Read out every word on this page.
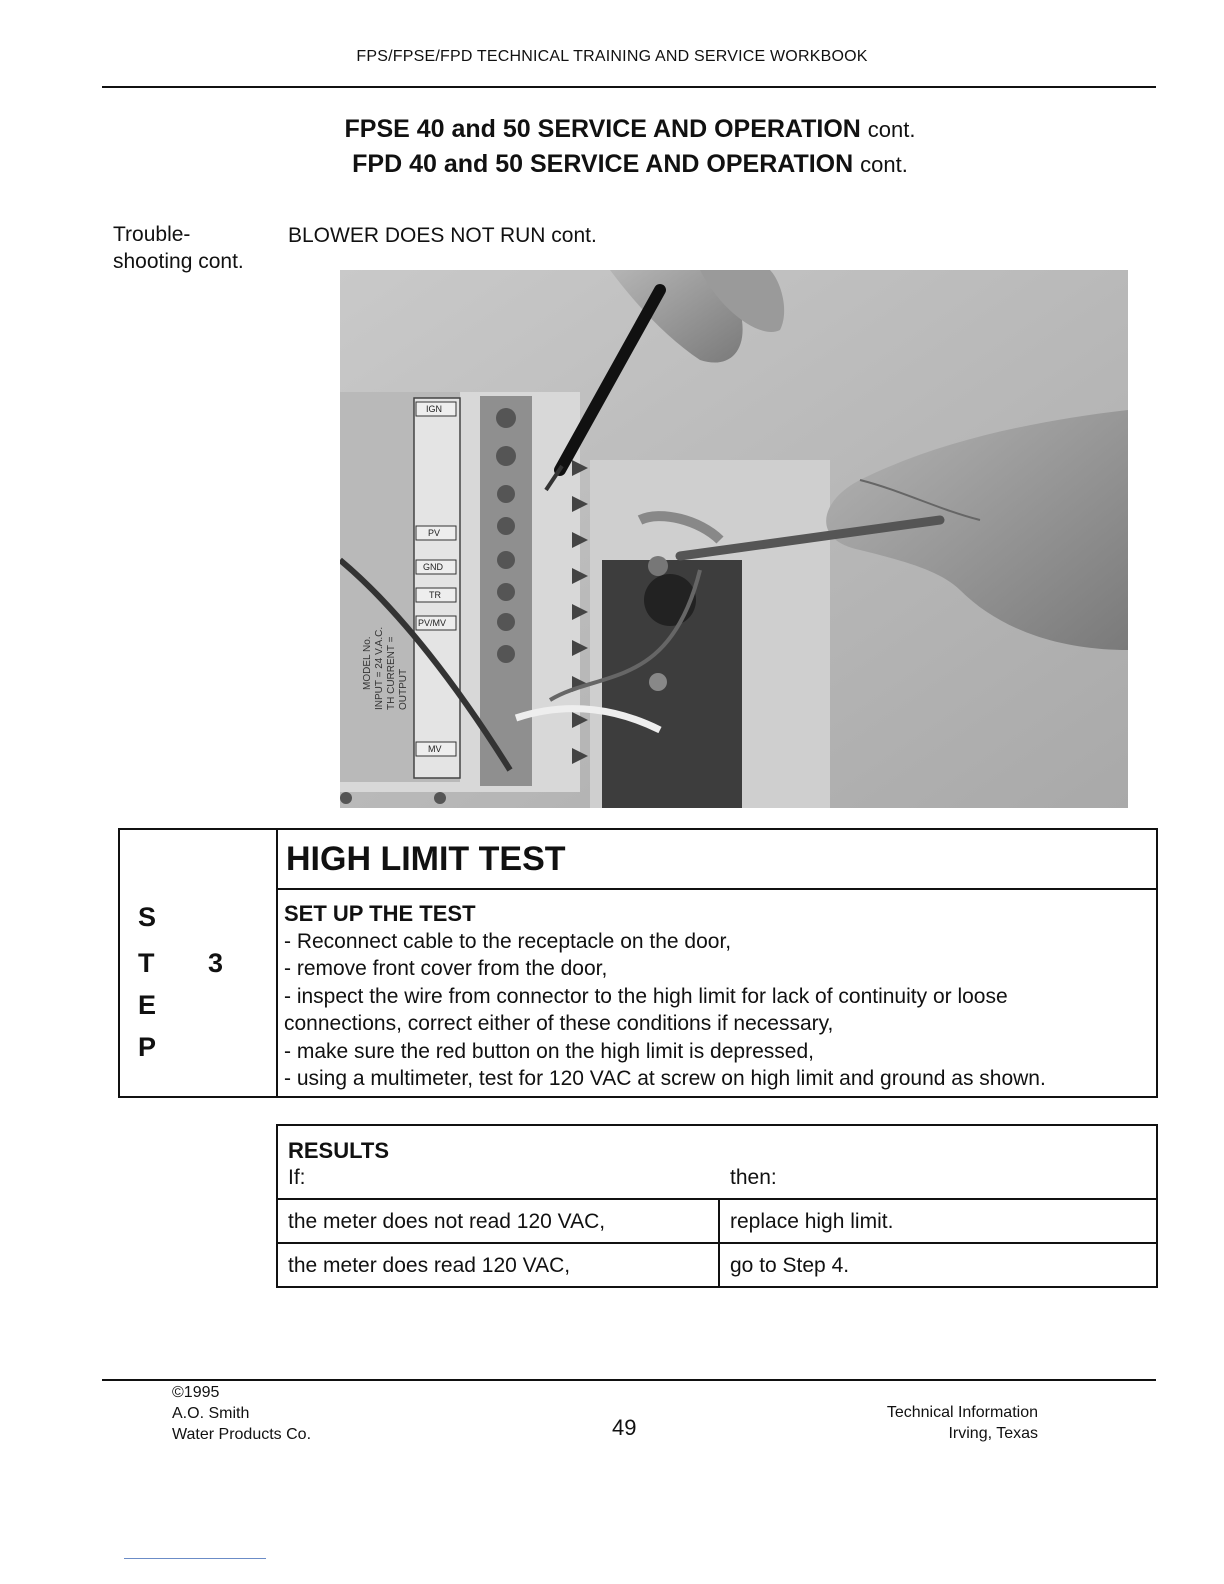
FPS/FPSE/FPD TECHNICAL TRAINING AND SERVICE WORKBOOK
FPSE 40 and 50 SERVICE AND OPERATION cont.
FPD 40 and 50 SERVICE AND OPERATION cont.
Trouble-
shooting cont.
BLOWER DOES NOT RUN cont.
IGN
PV
GND
TR
PV/MV
MV
MODEL No. INPUT = 24 V.A.C. TH CURRENT = OUTPUT
S
T
E
P
3
HIGH LIMIT TEST
SET UP THE TEST
- Reconnect cable to the receptacle on the door,
- remove front cover from the door,
- inspect the wire from connector to the high limit for lack of continuity or loose
connections, correct either of these conditions if necessary,
- make sure the red button on the high limit is depressed,
- using a multimeter, test for 120 VAC at screw on high limit and ground as shown.
RESULTS
If:	then:
the meter does not read 120 VAC,	replace high limit.
the meter does read 120 VAC,	go to Step 4.
©1995
A.O. Smith
Water Products Co.	49
Technical Information
Irving, Texas
